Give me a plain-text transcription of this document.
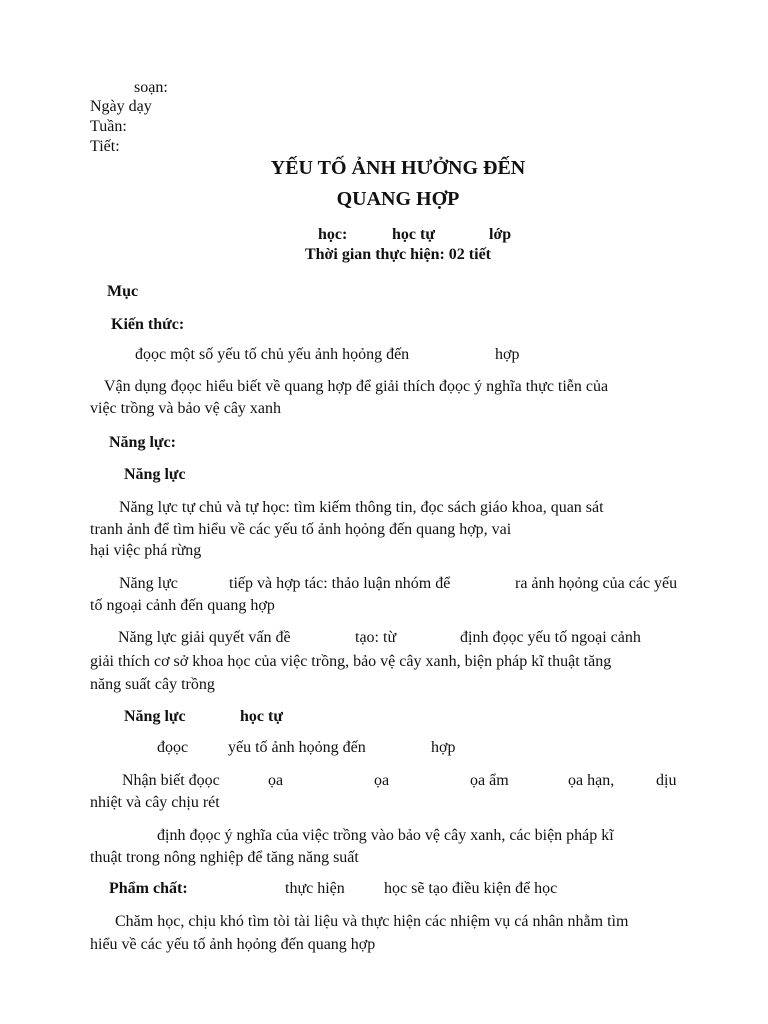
soạn:
Ngày dạy
Tuần:
Tiết:
YẾU TỐ ẢNH HƯỞNG ĐẾN
QUANG HỢP
học:	học tự	lớp
Thời gian thực hiện: 02 tiết
Mục
Kiến thức:
đọọc một số yếu tố chủ yếu ảnh họỏng đến	hợp
Vận dụng đọọc hiểu biết về quang hợp để giải thích đọọc ý nghĩa thực tiễn của
việc trồng và bảo vệ cây xanh
Năng lực:
Năng lực
Năng lực tự chủ và tự học: tìm kiếm thông tin, đọc sách giáo khoa, quan sát
tranh ảnh để tìm hiểu về các yếu tố ảnh họỏng đến quang hợp, vai
hại việc phá rừng
Năng lực	tiếp và hợp tác: thảo luận nhóm để	ra ảnh họỏng của các yếu
tố ngoại cảnh đến quang hợp
Năng lực giải quyết vấn đề	tạo: từ	định đọọc yếu tố ngoại cảnh
giải thích cơ sở khoa học của việc trồng, bảo vệ cây xanh, biện pháp kĩ thuật tăng
năng suất cây trồng
Năng lực	học tự
đọọc yếu tố ảnh họỏng đến	hợp
Nhận biết đọọc	ọa	ọa	ọa ẩm	ọa hạn,	dịu
nhiệt và cây chịu rét
định đọọc ý nghĩa của việc trồng vào bảo vệ cây xanh, các biện pháp kĩ
thuật trong nông nghiệp để tăng năng suất
Phẩm chất:	thực hiện học sẽ tạo điều kiện để học
Chăm học, chịu khó tìm tòi tài liệu và thực hiện các nhiệm vụ cá nhân nhằm tìm
hiểu về các yếu tố ảnh họỏng đến quang hợp
